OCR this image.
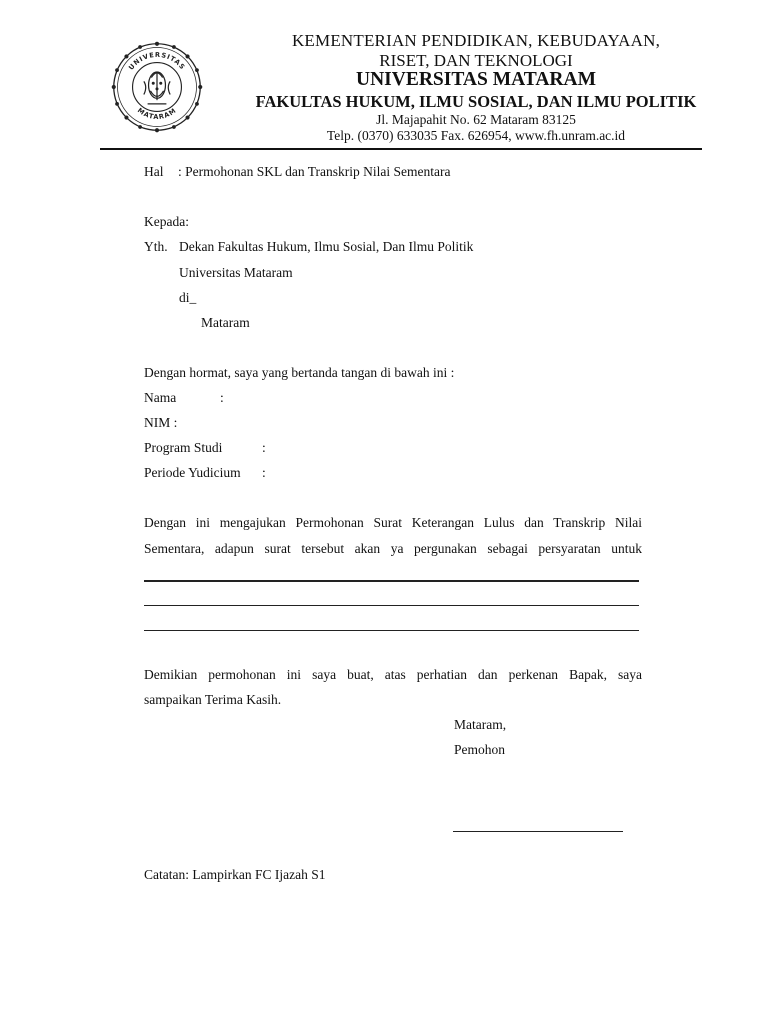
UNIVERSITAS
MATARAM
KEMENTERIAN PENDIDIKAN, KEBUDAYAAN,
RISET, DAN TEKNOLOGI
UNIVERSITAS MATARAM
FAKULTAS HUKUM, ILMU SOSIAL, DAN ILMU POLITIK
Jl. Majapahit No. 62 Mataram 83125
Telp. (0370) 633035 Fax. 626954, www.fh.unram.ac.id
Hal : Permohonan SKL dan Transkrip Nilai Sementara
Kepada:
Yth. Dekan Fakultas Hukum, Ilmu Sosial, Dan Ilmu Politik
Universitas Mataram
di_
Mataram
Dengan hormat, saya yang bertanda tangan di bawah ini :
Nama	:
NIM :
Program Studi	:
Periode Yudicium :
Dengan ini mengajukan Permohonan Surat Keterangan Lulus dan Transkrip Nilai
Sementara, adapun surat tersebut akan ya pergunakan sebagai persyaratan untuk
Demikian permohonan ini saya buat, atas perhatian dan perkenan Bapak, saya
sampaikan Terima Kasih.
Mataram,
Pemohon
Catatan: Lampirkan FC Ijazah S1
